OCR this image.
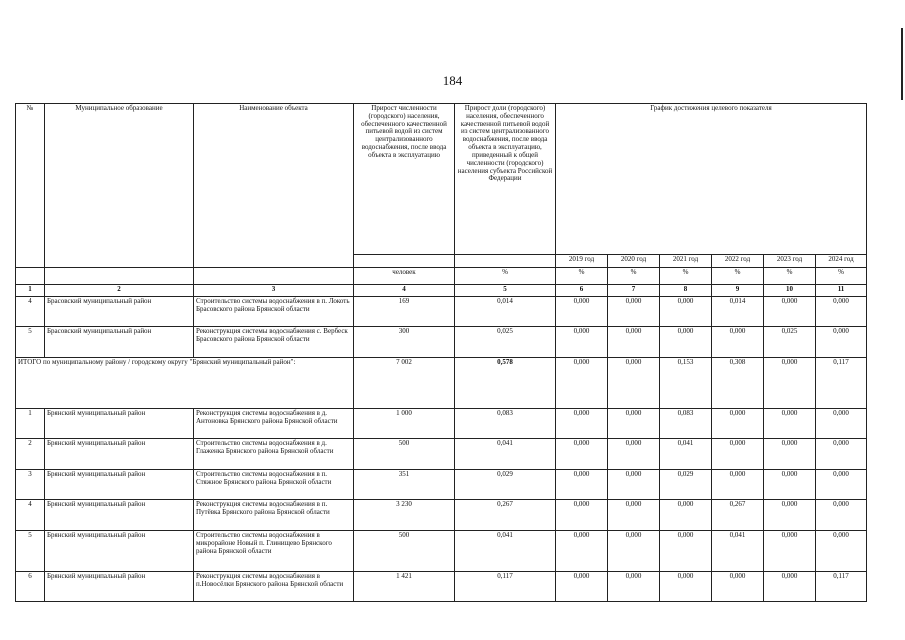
184
№	Муниципальное образование	Наименование объекта	Прирост численности (городского) населения, обеспеченного качественной питьевой водой из систем централизованного водоснабжения, после ввода объекта в эксплуатацию	Прирост доли (городского) населения, обеспеченного качественной питьевой водой из систем централизованного водоснабжения, после ввода объекта в эксплуатацию, приведенный к общей численности (городского) населения субъекта Российской Федерации	График достижения целевого показателя					
					2019 год	2020 год	2021 год	2022 год	2023 год	2024 год
			человек	%	%	%	%	%	%	%
1	2	3	4	5	6	7	8	9	10	11
4	Брасовский муниципальный район	Строительство системы водоснабжения в п. Локоть Брасовского района Брянской области	169	0,014	0,000	0,000	0,000	0,014	0,000	0,000
5	Брасовский муниципальный район	Реконструкция системы водоснабжения с. Вербеск Брасовского района Брянской области	300	0,025	0,000	0,000	0,000	0,000	0,025	0,000
ИТОГО по муниципальному району / городскому округу "Брянский муниципальный район":			7 002	0,578	0,000	0,000	0,153	0,308	0,000	0,117
1	Брянский муниципальный район	Реконструкция системы водоснабжения в д. Антоновка Брянского района Брянской области	1 000	0,083	0,000	0,000	0,083	0,000	0,000	0,000
2	Брянский муниципальный район	Строительство системы водоснабжения в д. Глаженка Брянского района Брянской области	500	0,041	0,000	0,000	0,041	0,000	0,000	0,000
3	Брянский муниципальный район	Строительство системы водоснабжения в п. Стяжное Брянского района Брянской области	351	0,029	0,000	0,000	0,029	0,000	0,000	0,000
4	Брянский муниципальный район	Реконструкция системы водоснабжения в п. Путёвка Брянского района Брянской области	3 230	0,267	0,000	0,000	0,000	0,267	0,000	0,000
5	Брянский муниципальный район	Строительство системы водоснабжения в микрорайоне Новый п. Глинищево Брянского района Брянской области	500	0,041	0,000	0,000	0,000	0,041	0,000	0,000
6	Брянский муниципальный район	Реконструкция системы водоснабжения в п.Новосёлки Брянского района Брянской области	1 421	0,117	0,000	0,000	0,000	0,000	0,000	0,117
